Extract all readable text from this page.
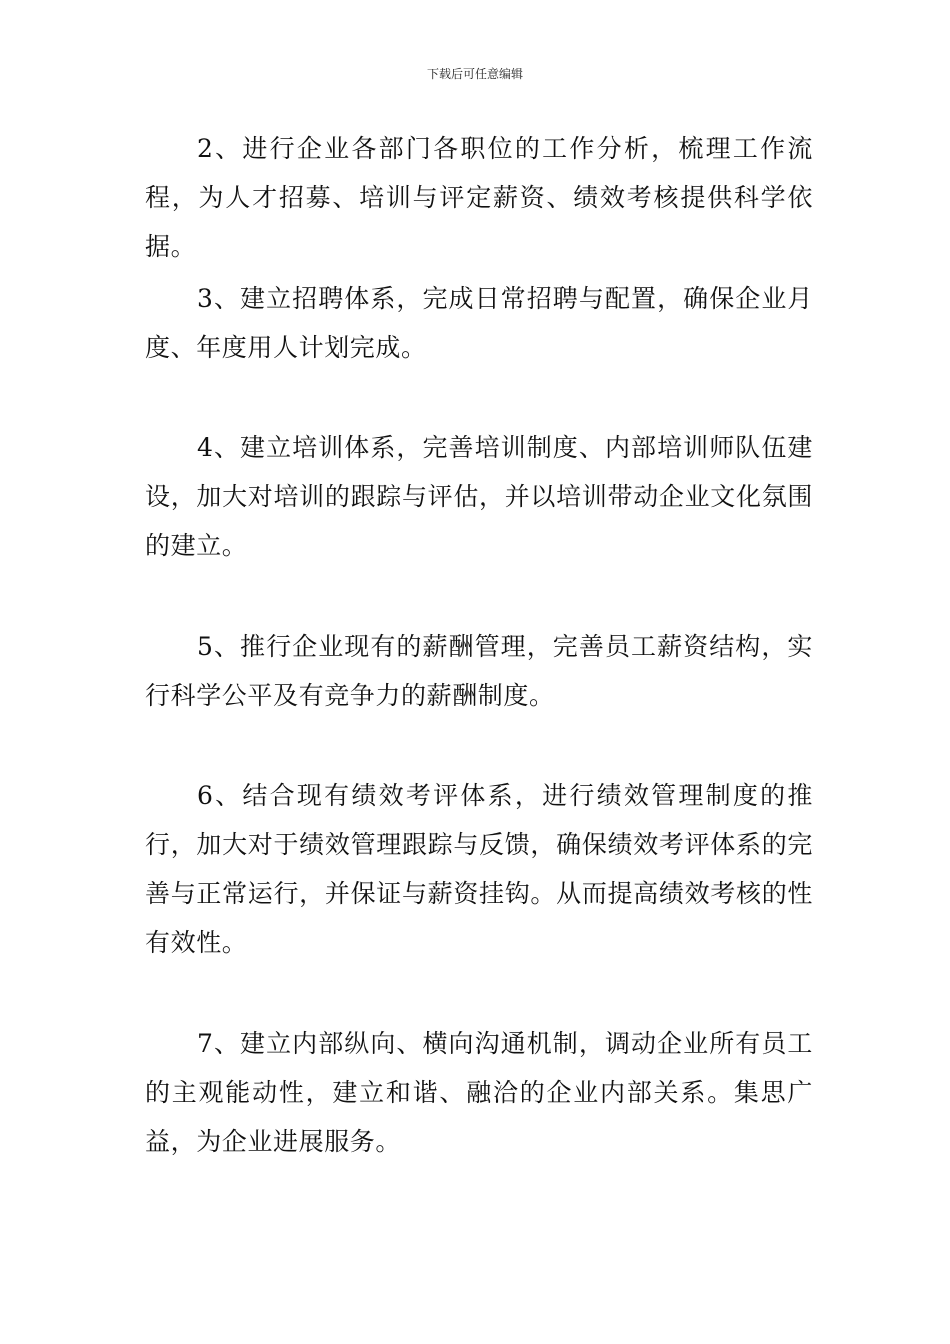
下载后可任意编辑

2、进行企业各部门各职位的工作分析，梳理工作流程，为人才招募、培训与评定薪资、绩效考核提供科学依据。

3、建立招聘体系，完成日常招聘与配置，确保企业月度、年度用人计划完成。

4、建立培训体系，完善培训制度、内部培训师队伍建设，加大对培训的跟踪与评估，并以培训带动企业文化氛围的建立。

5、推行企业现有的薪酬管理，完善员工薪资结构，实行科学公平及有竞争力的薪酬制度。

6、结合现有绩效考评体系，进行绩效管理制度的推行，加大对于绩效管理跟踪与反馈，确保绩效考评体系的完善与正常运行，并保证与薪资挂钩。从而提高绩效考核的性有效性。

7、建立内部纵向、横向沟通机制，调动企业所有员工的主观能动性，建立和谐、融洽的企业内部关系。集思广益，为企业进展服务。
